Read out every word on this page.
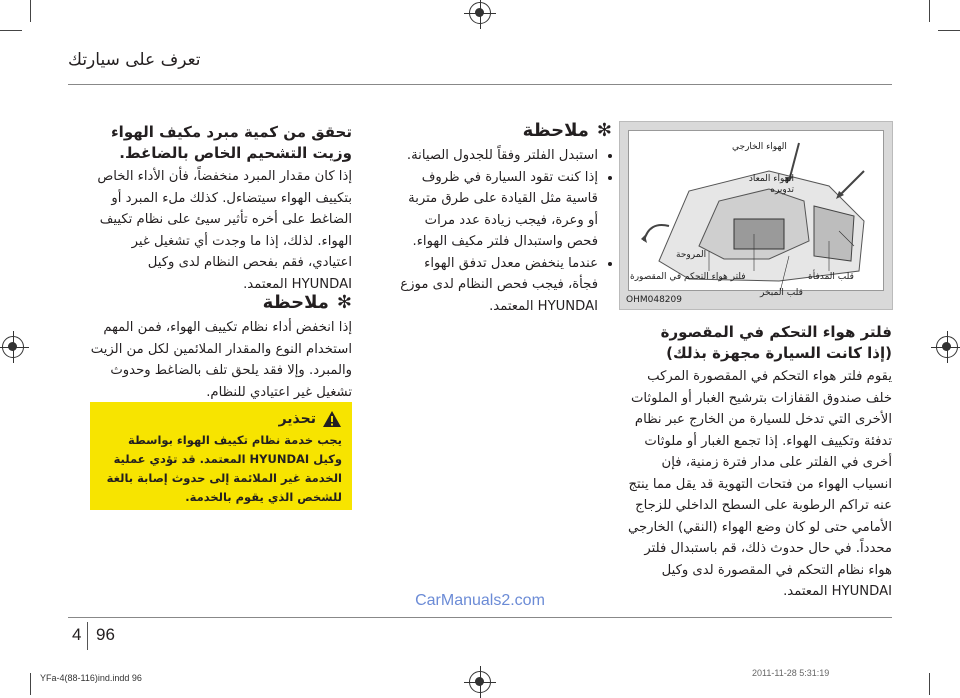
تعرف على سيارتك
✻
ملاحظة
• استبدل الفلتر وفقاً للجدول الصيانة.
• إذا كنت تقود السيارة في ظروف قاسية مثل القيادة على طرق متربة أو وعرة، فيجب زيادة عدد مرات فحص واستبدال فلتر مكيف الهواء.
• عندما ينخفض معدل تدفق الهواء فجأة، فيجب فحص النظام لدى موزع HYUNDAI المعتمد.
الهواء الخارجي
الهواء المعاد تدويره
المروحة
فلتر هواء التحكم في المقصورة	قلب المدفأة
قلب المبخر
OHM048209
فلتر هواء التحكم في المقصورة
(إذا كانت السيارة مجهزة بذلك)
يقوم فلتر هواء التحكم في المقصورة المركب خلف صندوق القفازات بترشيح الغبار أو الملوثات الأخرى التي تدخل للسيارة من الخارج عبر نظام تدفئة وتكييف الهواء. إذا تجمع الغبار أو ملوثات أخرى في الفلتر على مدار فترة زمنية، فإن انسياب الهواء من فتحات التهوية قد يقل مما ينتج عنه تراكم الرطوبة على السطح الداخلي للزجاج الأمامي حتى لو كان وضع الهواء (النقي) الخارجي محدداً. في حال حدوث ذلك، قم باستبدال فلتر هواء نظام التحكم في المقصورة لدى وكيل HYUNDAI المعتمد.
تحقق من كمية مبرد مكيف الهواء وزيت التشحيم الخاص بالضاغط.
إذا كان مقدار المبرد منخفضاً، فأن الأداء الخاص بتكييف الهواء سيتضاءل. كذلك ملء المبرد أو الضاغط على أخره تأثير سيئ على نظام تكييف الهواء. لذلك، إذا ما وجدت أي تشغيل غير اعتيادي، فقم بفحص النظام لدى وكيل HYUNDAI المعتمد.
✻
ملاحظة
إذا انخفض أداء نظام تكييف الهواء، فمن المهم استخدام النوع والمقدار الملائمين لكل من الزيت والمبرد. وإلا فقد يلحق تلف بالضاغط وحدوث تشغيل غير اعتيادي للنظام.
تحذير
يجب خدمة نظام تكييف الهواء بواسطة وكيل HYUNDAI المعتمد. قد تؤدي عملية الخدمة غير الملائمة إلى حدوث إصابة بالغة للشخص الذي يقوم بالخدمة.
CarManuals2.com
4 96
YFa-4(88-116)ind.indd 96	2011-11-28 5:31:19
